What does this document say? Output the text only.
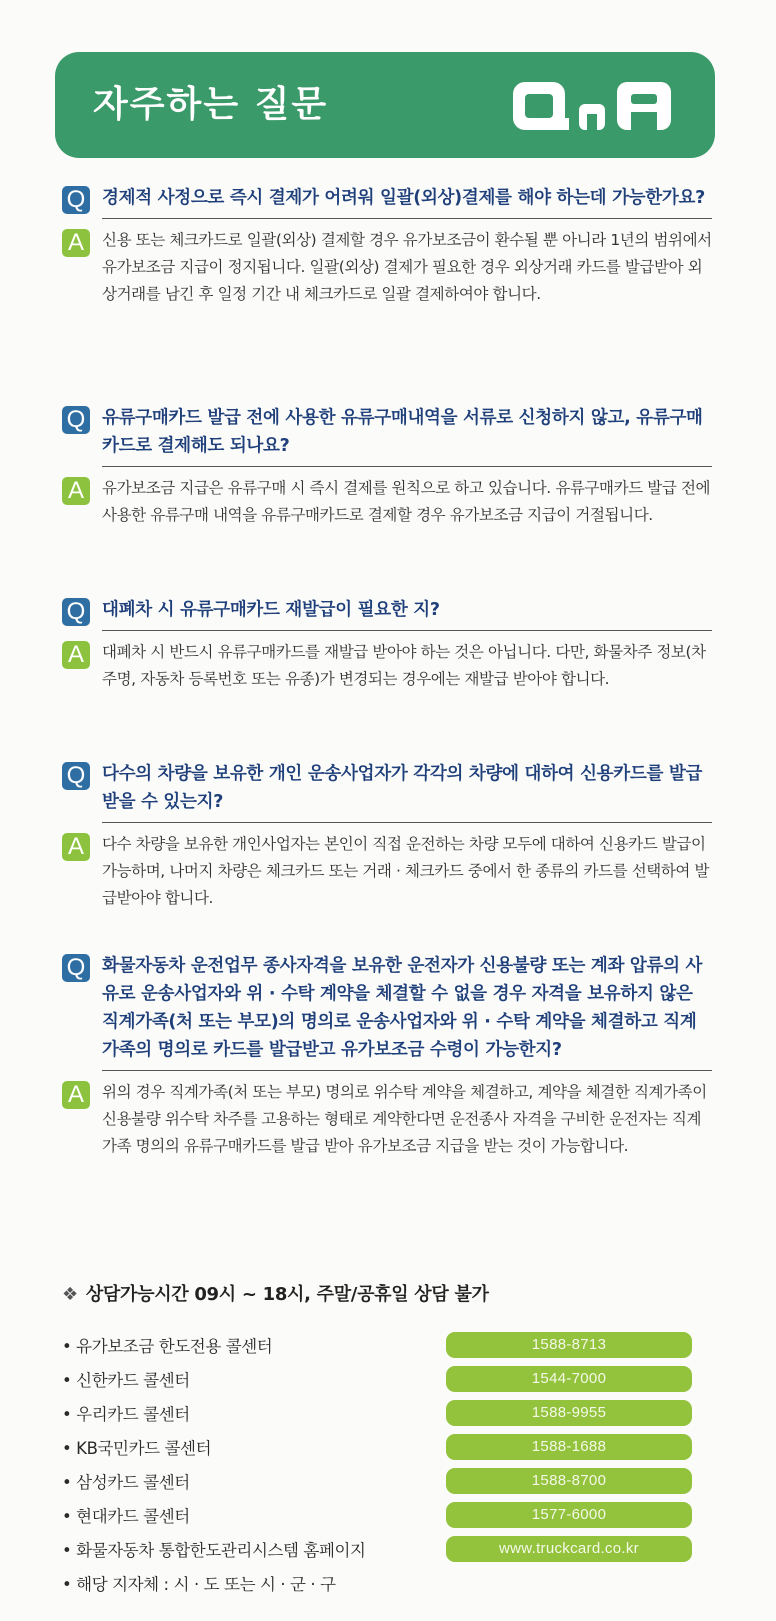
자주하는 질문
Q 경제적 사정으로 즉시 결제가 어려워 일괄(외상)결제를 해야 하는데 가능한가요?
A	신용 또는 체크카드로 일괄(외상) 결제할 경우 유가보조금이 환수될 뿐 아니라 1년의 범위에서 유가보조금 지급이 정지됩니다. 일괄(외상) 결제가 필요한 경우 외상거래 카드를 발급받아 외상거래를 남긴 후 일정 기간 내 체크카드로 일괄 결제하여야 합니다.
Q 유류구매카드 발급 전에 사용한 유류구매내역을 서류로 신청하지 않고, 유류구매카드로 결제해도 되나요?
A	유가보조금 지급은 유류구매 시 즉시 결제를 원칙으로 하고 있습니다. 유류구매카드 발급 전에 사용한 유류구매 내역을 유류구매카드로 결제할 경우 유가보조금 지급이 거절됩니다.
Q 대폐차 시 유류구매카드 재발급이 필요한 지?
A	대폐차 시 반드시 유류구매카드를 재발급 받아야 하는 것은 아닙니다. 다만, 화물차주 정보(차주명, 자동차 등록번호 또는 유종)가 변경되는 경우에는 재발급 받아야 합니다.
Q 다수의 차량을 보유한 개인 운송사업자가 각각의 차량에 대하여 신용카드를 발급받을 수 있는지?
A	다수 차량을 보유한 개인사업자는 본인이 직접 운전하는 차량 모두에 대하여 신용카드 발급이 가능하며, 나머지 차량은 체크카드 또는 거래 · 체크카드 중에서 한 종류의 카드를 선택하여 발급받아야 합니다.
Q 화물자동차 운전업무 종사자격을 보유한 운전자가 신용불량 또는 계좌 압류의 사유로 운송사업자와 위 · 수탁 계약을 체결할 수 없을 경우 자격을 보유하지 않은 직계가족(처 또는 부모)의 명의로 운송사업자와 위 · 수탁 계약을 체결하고 직계가족의 명의로 카드를 발급받고 유가보조금 수령이 가능한지?
A	위의 경우 직계가족(처 또는 부모) 명의로 위수탁 계약을 체결하고, 계약을 체결한 직계가족이 신용불량 위수탁 차주를 고용하는 형태로 계약한다면 운전종사 자격을 구비한 운전자는 직계가족 명의의 유류구매카드를 발급 받아 유가보조금 지급을 받는 것이 가능합니다.
❖ 상담가능시간 09시 ~ 18시, 주말/공휴일 상담 불가
• 유가보조금 한도전용 콜센터	1588-8713
• 신한카드 콜센터	1544-7000
• 우리카드 콜센터	1588-9955
• KB국민카드 콜센터	1588-1688
• 삼성카드 콜센터	1588-8700
• 현대카드 콜센터	1577-6000
• 화물자동차 통합한도관리시스템 홈페이지	www.truckcard.co.kr
• 해당 지자체 : 시 · 도 또는 시 · 군 · 구
